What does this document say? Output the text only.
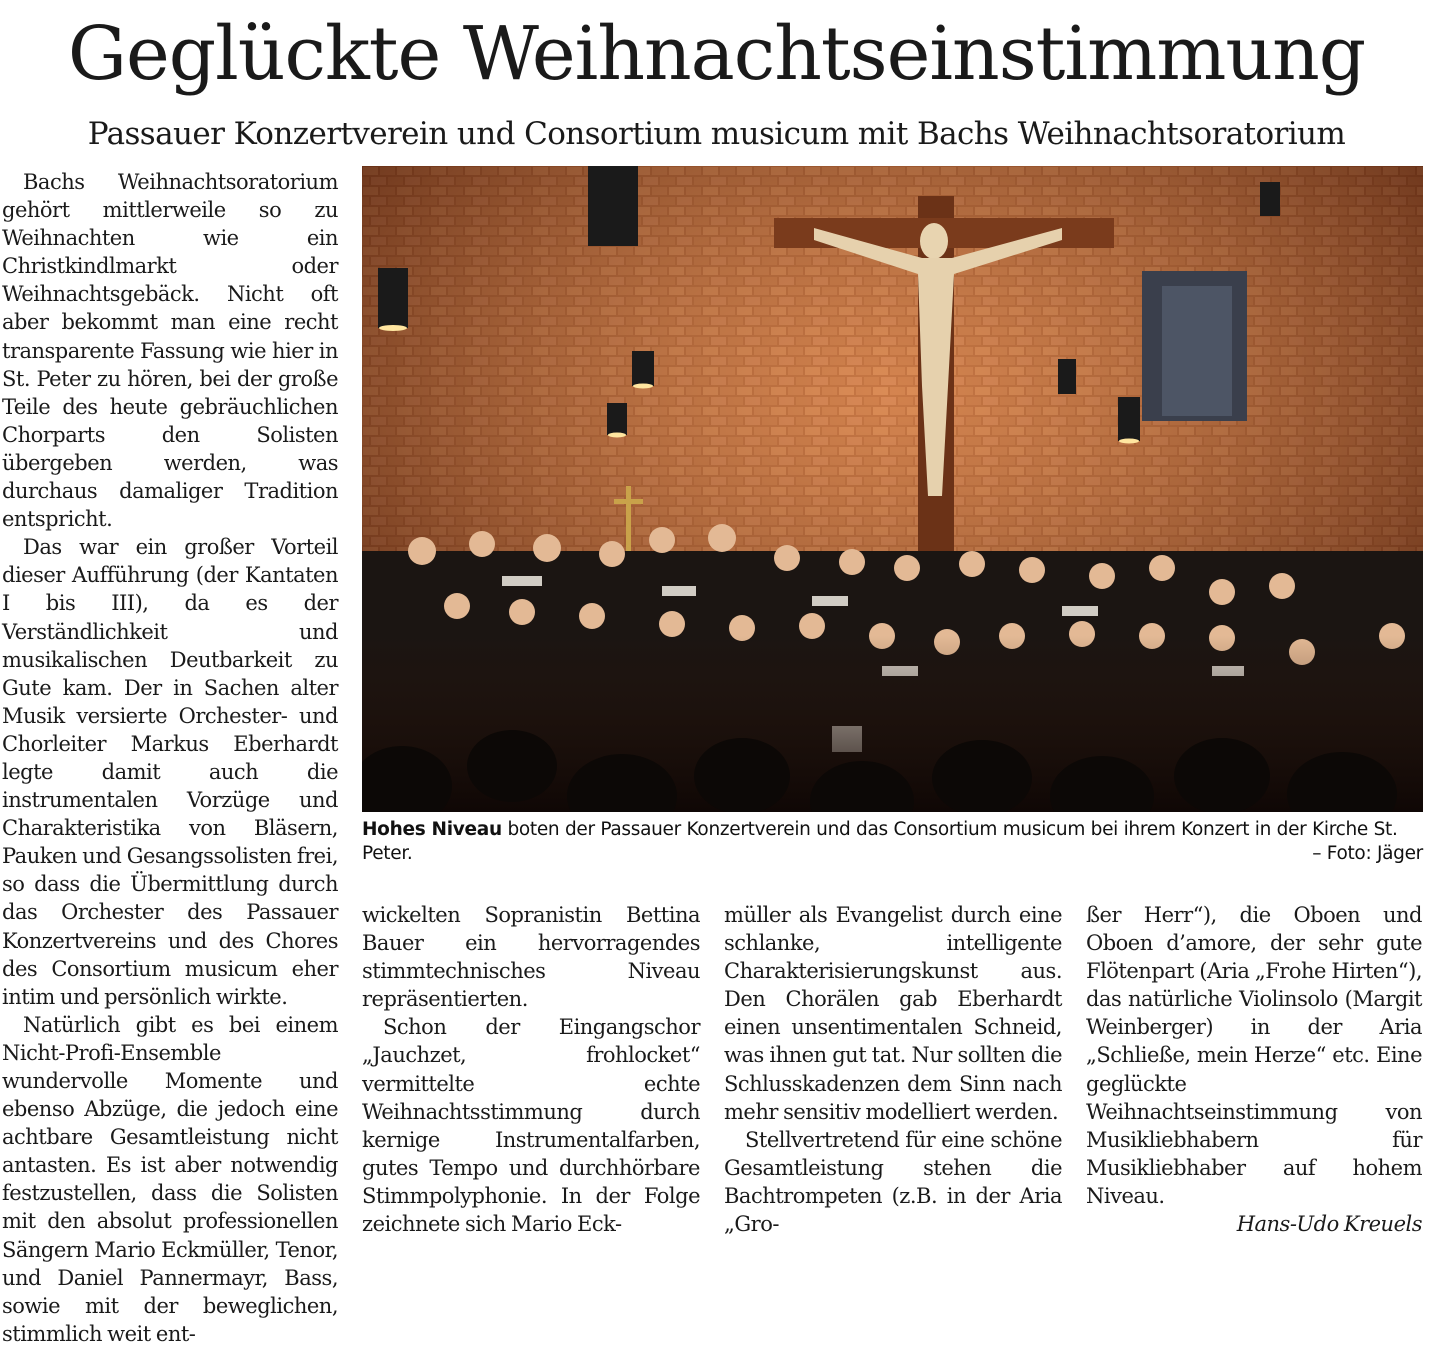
Geglückte Weihnachtseinstimmung
Passauer Konzertverein und Consortium musicum mit Bachs Weihnachtsoratorium

Bachs Weihnachtsoratorium gehört mittlerweile so zu Weihnachten wie ein Christkindlmarkt oder Weihnachtsgebäck. Nicht oft aber bekommt man eine recht transparente Fassung wie hier in St. Peter zu hören, bei der große Teile des heute gebräuchlichen Chorparts den Solisten übergeben werden, was durchaus damaliger Tradition entspricht.

Das war ein großer Vorteil dieser Aufführung (der Kantaten I bis III), da es der Verständlichkeit und musikalischen Deutbarkeit zu Gute kam. Der in Sachen alter Musik versierte Orchester- und Chorleiter Markus Eberhardt legte damit auch die instrumentalen Vorzüge und Charakteristika von Bläsern, Pauken und Gesangssolisten frei, so dass die Übermittlung durch das Orchester des Passauer Konzertvereins und des Chores des Consortium musicum eher intim und persönlich wirkte.

Natürlich gibt es bei einem Nicht-Profi-Ensemble wundervolle Momente und ebenso Abzüge, die jedoch eine achtbare Gesamtleistung nicht antasten. Es ist aber notwendig festzustellen, dass die Solisten mit den absolut professionellen Sängern Mario Eckmüller, Tenor, und Daniel Pannermayr, Bass, sowie mit der beweglichen, stimmlich weit ent-

Hohes Niveau boten der Passauer Konzertverein und das Consortium musicum bei ihrem Konzert in der Kirche St. Peter.	– Foto: Jäger

wickelten Sopranistin Bettina Bauer ein hervorragendes stimmtechnisches Niveau repräsentierten.

Schon der Eingangschor „Jauchzet, frohlocket“ vermittelte echte Weihnachtsstimmung durch kernige Instrumentalfarben, gutes Tempo und durchhörbare Stimmpolyphonie. In der Folge zeichnete sich Mario Eck-

müller als Evangelist durch eine schlanke, intelligente Charakterisierungskunst aus. Den Chorälen gab Eberhardt einen unsentimentalen Schneid, was ihnen gut tat. Nur sollten die Schlusskadenzen dem Sinn nach mehr sensitiv modelliert werden.

Stellvertretend für eine schöne Gesamtleistung stehen die Bachtrompeten (z.B. in der Aria „Gro-

ßer Herr“), die Oboen und Oboen d’amore, der sehr gute Flötenpart (Aria „Frohe Hirten“), das natürliche Violinsolo (Margit Weinberger) in der Aria „Schließe, mein Herze“ etc. Eine geglückte Weihnachtseinstimmung von Musikliebhabern für Musikliebhaber auf hohem Niveau.

Hans-Udo Kreuels
